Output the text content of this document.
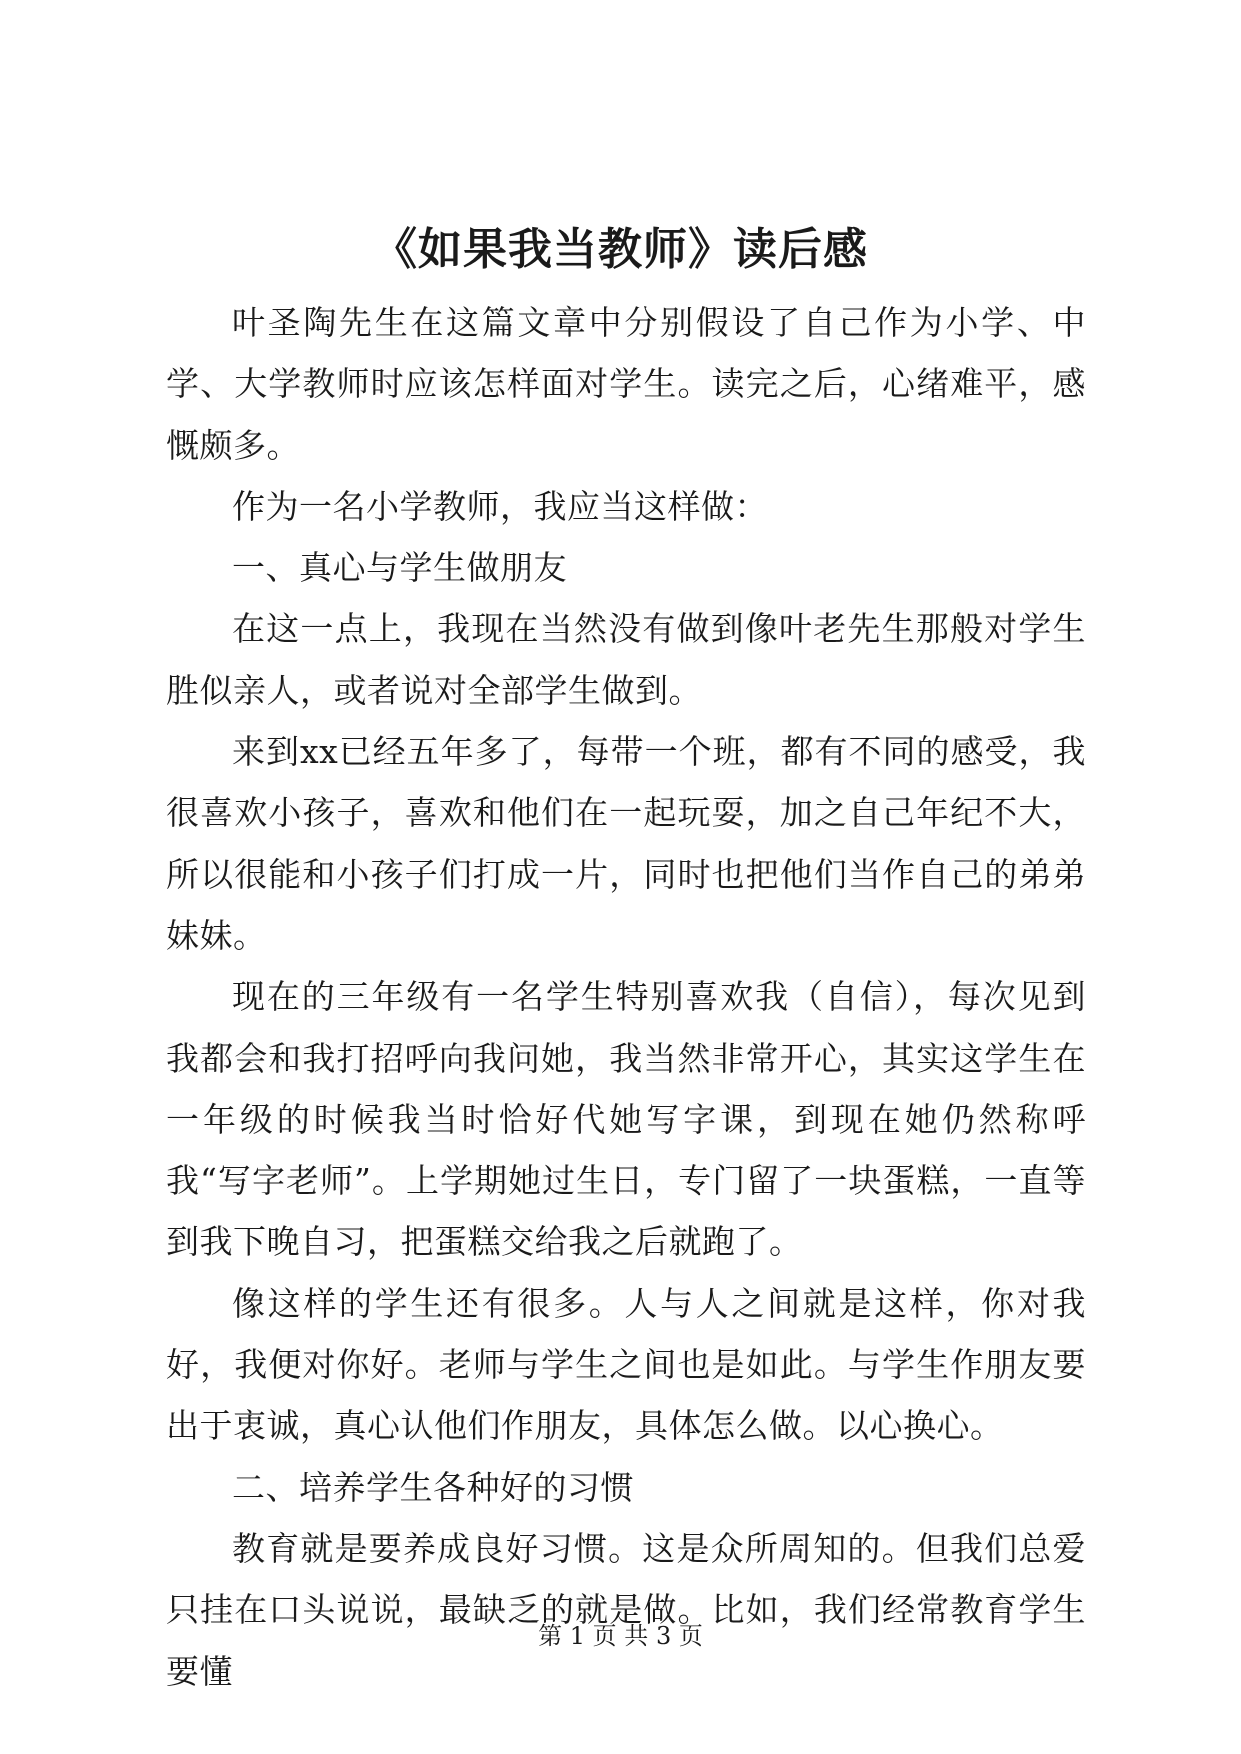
《如果我当教师》读后感

叶圣陶先生在这篇文章中分别假设了自己作为小学、中学、大学教师时应该怎样面对学生。读完之后，心绪难平，感慨颇多。

作为一名小学教师，我应当这样做：

一、真心与学生做朋友

在这一点上，我现在当然没有做到像叶老先生那般对学生胜似亲人，或者说对全部学生做到。

来到xx已经五年多了，每带一个班，都有不同的感受，我很喜欢小孩子，喜欢和他们在一起玩耍，加之自己年纪不大，所以很能和小孩子们打成一片，同时也把他们当作自己的弟弟妹妹。

现在的三年级有一名学生特别喜欢我（自信），每次见到我都会和我打招呼向我问她，我当然非常开心，其实这学生在一年级的时候我当时恰好代她写字课，到现在她仍然称呼我“写字老师”。上学期她过生日，专门留了一块蛋糕，一直等到我下晚自习，把蛋糕交给我之后就跑了。

像这样的学生还有很多。人与人之间就是这样，你对我好，我便对你好。老师与学生之间也是如此。与学生作朋友要出于衷诚，真心认他们作朋友，具体怎么做。以心换心。

二、培养学生各种好的习惯

教育就是要养成良好习惯。这是众所周知的。但我们总爱只挂在口头说说，最缺乏的就是做。比如，我们经常教育学生要懂

第 1 页 共 3 页
